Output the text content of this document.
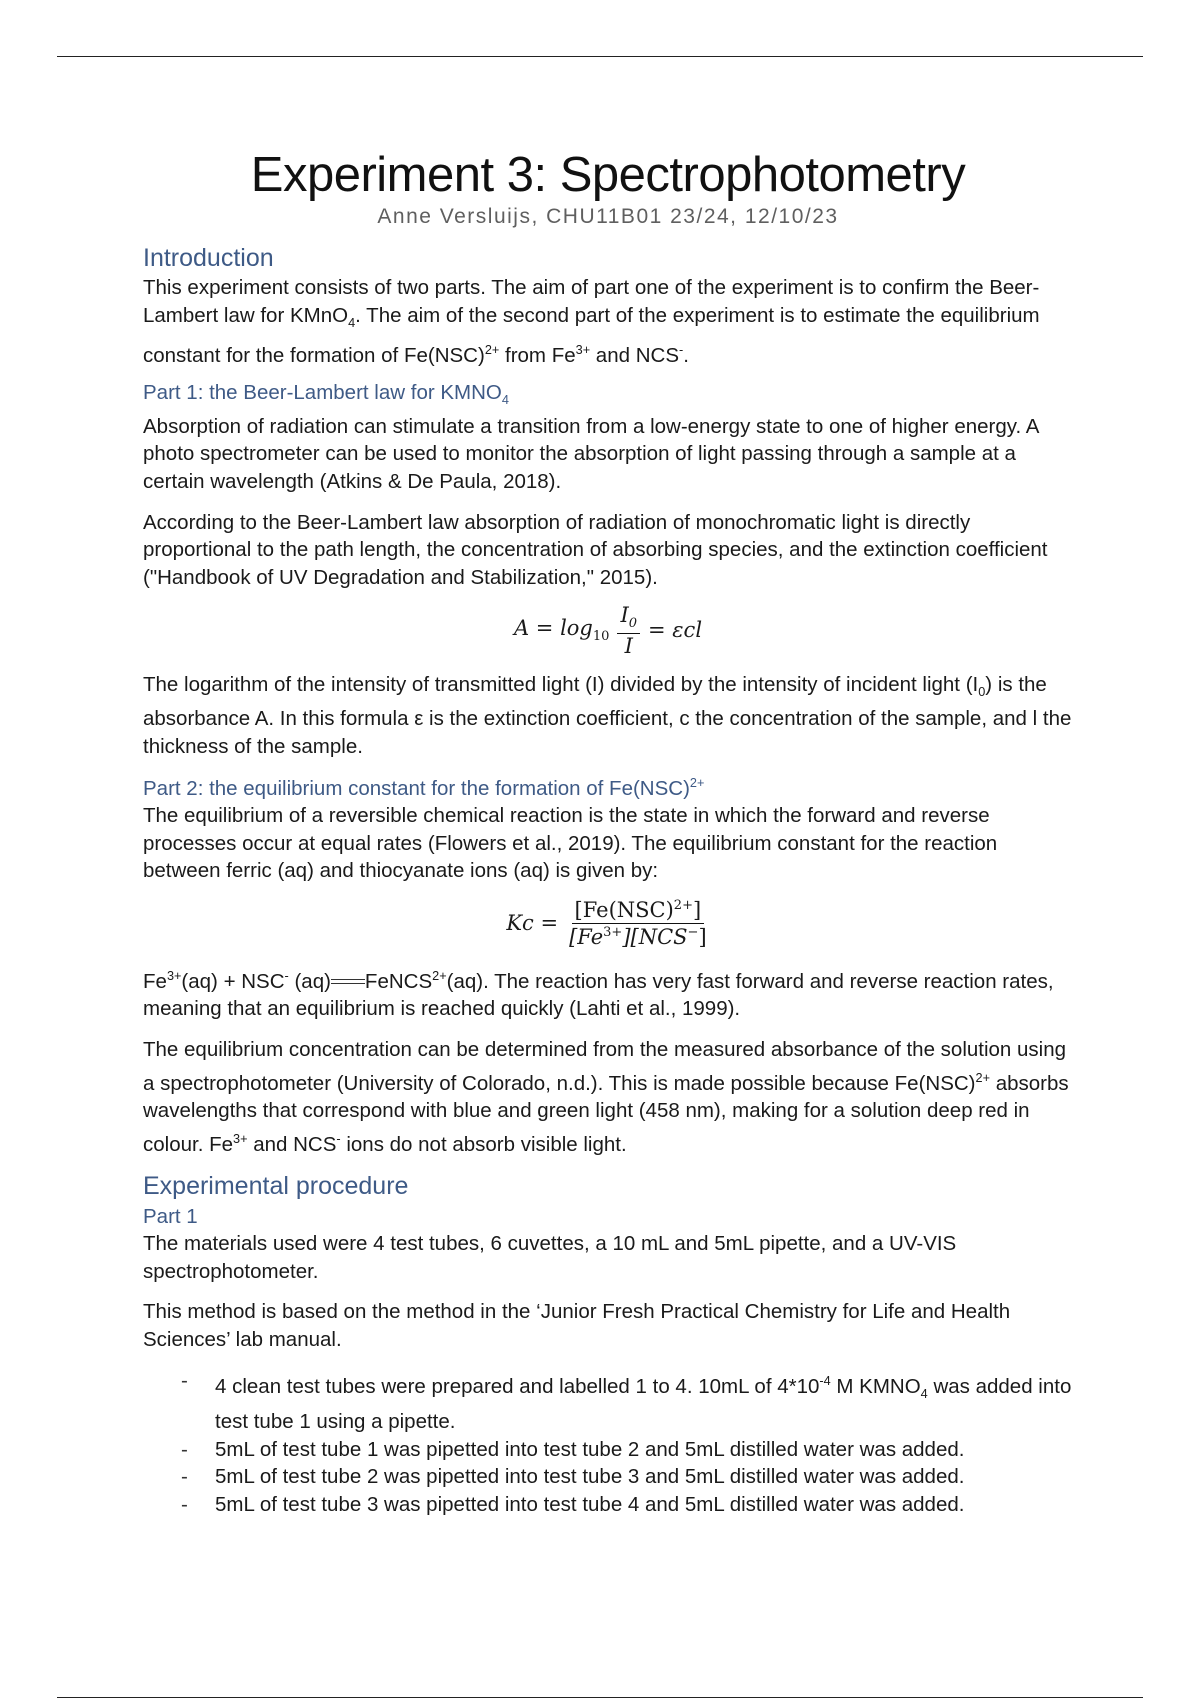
Experiment 3: Spectrophotometry
Anne Versluijs, CHU11B01 23/24, 12/10/23
Introduction

This experiment consists of two parts. The aim of part one of the experiment is to confirm the Beer-Lambert law for KMnO$_4$. The aim of the second part of the experiment is to estimate the equilibrium constant for the formation of Fe(NSC)$^{2+}$ from $Fe^{3+}$ and NCS-.

Part 1: the Beer-Lambert law for $KMNO_4$

Absorption of radiation can stimulate a transition from a low-energy state to one of higher energy. A photo spectrometer can be used to monitor the absorption of light passing through a sample at a certain wavelength (Atkins & De Paula, 2018).

According to the Beer-Lambert law absorption of radiation of monochromatic light is directly proportional to the path length, the concentration of absorbing species, and the extinction coefficient ("Handbook of UV Degradation and Stabilization," 2015).

$A = \log_{10} \frac{I_0}{I} = \varepsilon cl$

The logarithm of the intensity of transmitted light (I) divided by the intensity of incident light $(I_0)$ is the absorbance A. In this formula ε is the extinction coefficient, c the concentration of the sample, and l the thickness of the sample.

Part 2: the equilibrium constant for the formation of Fe(NSC)$^{2+}$

The equilibrium of a reversible chemical reaction is the state in which the forward and reverse processes occur at equal rates (Flowers et al., 2019). The equilibrium constant for the reaction between ferric (aq) and thiocyanate ions (aq) is given by:

$Kc = \frac{[Fe(NSC)^{2+}]}{[Fe^{3+}][NCS^-]}$

$Fe^{3+}(aq) + NSC^-$ (aq) FeNCS$^{2+}$(aq). The reaction has very fast forward and reverse reaction rates, meaning that an equilibrium is reached quickly (Lahti et al., 1999).

The equilibrium concentration can be determined from the measured absorbance of the solution using a spectrophotometer (University of Colorado, n.d.). This is made possible because Fe(NSC)$^{2+}$ absorbs wavelengths that correspond with blue and green light (458 nm), making for a solution deep red in colour. $Fe^{3+}$ and NCS- ions do not absorb visible light.

Experimental procedure
Part 1

The materials used were 4 test tubes, 6 cuvettes, a 10 mL and 5mL pipette, and a UV-VIS spectrophotometer.

This method is based on the method in the ‘Junior Fresh Practical Chemistry for Life and Health Sciences’ lab manual.

- 4 clean test tubes were prepared and labelled 1 to 4. 10mL of $4*10^{-4}$ M $KMNO_4$ was added into test tube 1 using a pipette.
- 5mL of test tube 1 was pipetted into test tube 2 and 5mL distilled water was added.
- 5mL of test tube 2 was pipetted into test tube 3 and 5mL distilled water was added.
- 5mL of test tube 3 was pipetted into test tube 4 and 5mL distilled water was added.
